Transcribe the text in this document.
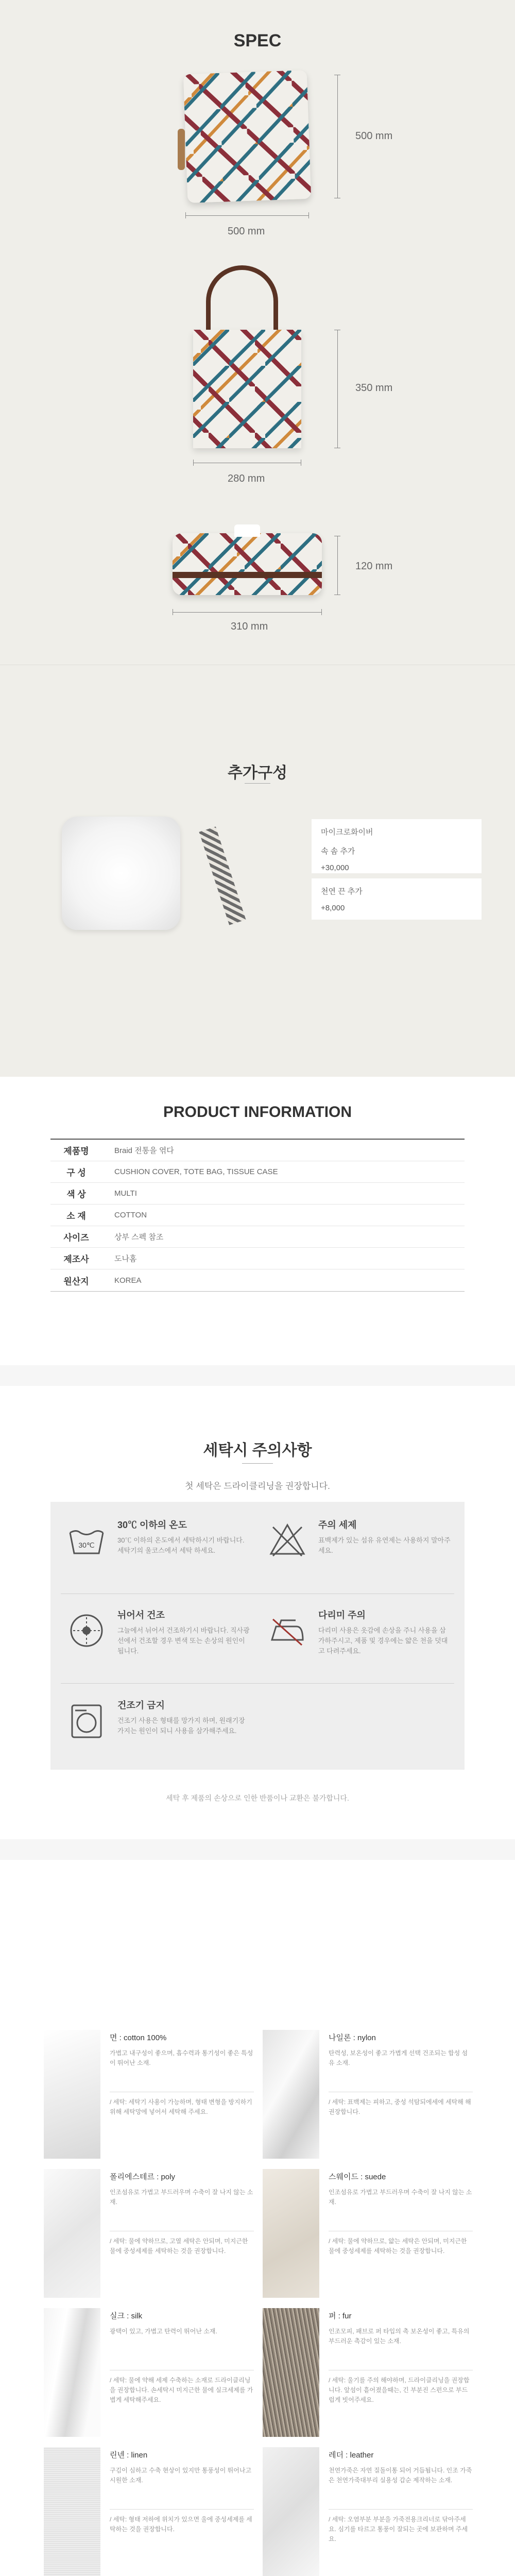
SPEC
500 mm
500 mm
350 mm
280 mm
120 mm
310 mm
추가구성
마이크로화이버
속 솜 추가
+30,000
천연 끈 추가
+8,000
PRODUCT INFORMATION
제품명	Braid 전통을 엮다
구 성	CUSHION COVER, TOTE BAG, TISSUE CASE
색 상	MULTI
소 재	COTTON
사이즈	상부 스펙 참조
제조사	도나홈
원산지	KOREA
세탁시 주의사항
첫 세탁은 드라이클리닝을 권장합니다.
30℃
30℃ 이하의 온도
30℃ 이하의 온도에서 세탁하시기 바랍니다. 세탁기의 울코스에서 세탁 하세요.
주의 세제
표백제가 있는 섬유 유연제는 사용하지 말아주세요.
뉘어서 건조
그늘에서 뉘어서 건조하기시 바랍니다. 직사광선에서 건조할 경우 변색 또는 손상의 원인이 됩니다.
다리미 주의
다리미 사용은 옷감에 손상을 주니 사용을 삼가하주시고, 제품 및 경우에는 얇은 천을 덧대고 다려주세요.
건조기 금지
건조기 사용은 형태를 망가지 하며, 원래기장가지는 원인이 되니 사용을 삼가해주세요.
세탁 후 제품의 손상으로 인한 반품이나 교환은 불가합니다.
면 : cotton 100%
가볍고 내구성이 좋으며, 흡수력과 통기성이 좋은 특성이 뛰어난 소재.
/ 세탁: 세탁기 사용이 가능하며, 형태 변형을 방지하기 위해 세탁망에 넣어서 세탁해 주세요.
나일론 : nylon
탄력성, 보온성이 좋고 가볍게 선택 건조되는 합성 섬유 소재.
/ 세탁: 표백제는 피하고, 중성 석탐되에세에 세탁해 해 권장합니다.
폴리에스테르 : poly
인조섬유로 가볍고 부드러우며 수축이 잘 나지 않는 소재.
/ 세탁: 물에 약하므로, 고열 세탁은 안되며, 미지근한 물에 중성세제를 세탁하는 것을 권장합니다.
스웨이드 : suede
인조섬유로 가볍고 부드러우며 수축이 잘 나지 않는 소재.
/ 세탁: 물에 약하므로, 얇는 세탁은 안되며, 미지근한 물에 중성세제를 세탁하는 것을 권장합니다.
실크 : silk
광택이 있고, 가볍고 탄력이 뛰어난 소재.
/ 세탁: 물에 약해 세제 수축하는 소재로 드라이클리닝을 권장합니다. 손세탁시 미지근한 물에 실크세제를 가볍게 세탁해주세요.
퍼 : fur
인조모피, 패브로 퍼 타입의 촉 보온성이 좋고, 특유의 부드러운 촉감이 있는 소재.
/ 세탁: 울기를 주의 해야하며, 드라이클리닝을 권장합니다. 앞섬이 흩어졌을때는, 긴 부분진 스펀으로 부드럽게 빗어주세요.
린넨 : linen
구김이 심하고 수축 현상이 있지만 통풍성이 뛰어나고 시원한 소재.
/ 세탁: 형태 저하에 위치가 있으면 울에 중성세제를 세탁하는 것을 권장합니다.
레더 : leather
천연가죽은 자연 질돌이통 되어 거듭됩니다. 인조 가죽은 천연가죽대부리 실용성 갑순 제작하는 소재.
/ 세탁: 오염부분 부분을 가죽전용크리너로 닦아주세요. 심기를 타르고 통풍이 잘되는 곳에 보관하며 주세요.
